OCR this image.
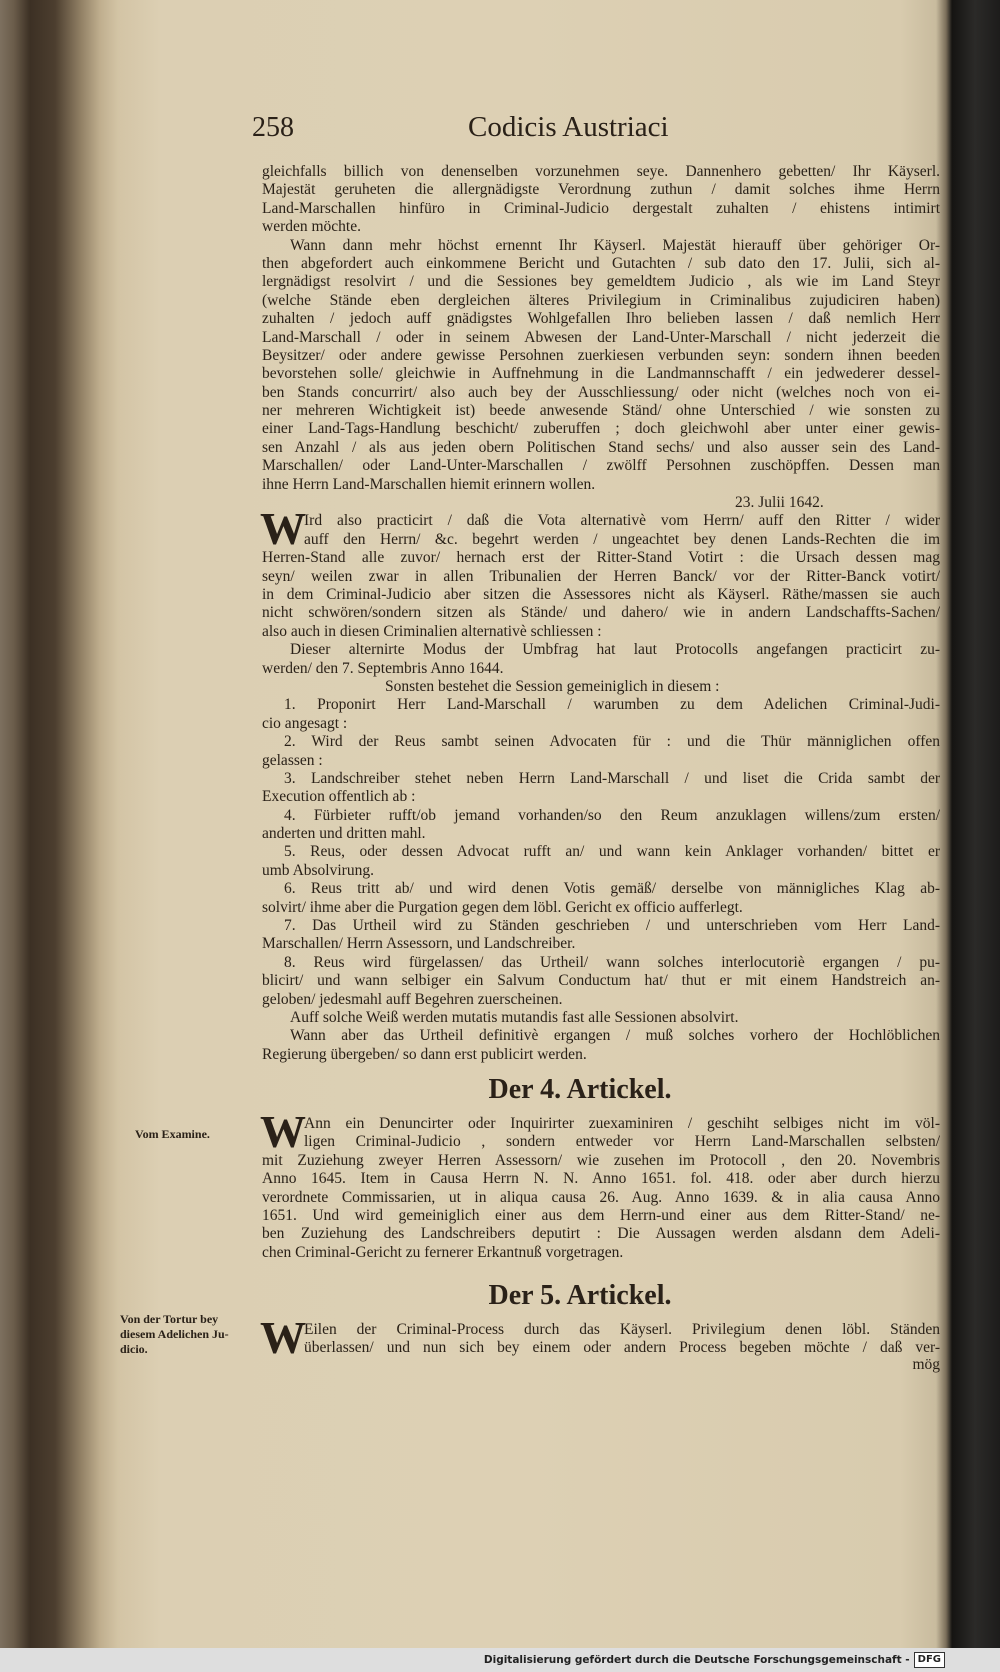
258	Codicis Austriaci
gleichfalls billich von denenselben vorzunehmen seye. Dannenhero gebetten/ Ihr Käyserl.
Majestät geruheten die allergnädigste Verordnung zuthun / damit solches ihme Herrn
Land-Marschallen hinfüro in Criminal-Judicio dergestalt zuhalten / ehistens intimirt
werden möchte.
Wann dann mehr höchst ernennt Ihr Käyserl. Majestät hierauff über gehöriger Or-
then abgefordert auch einkommene Bericht und Gutachten / sub dato den 17. Julii, sich al-
lergnädigst resolvirt / und die Sessiones bey gemeldtem Judicio , als wie im Land Steyr
(welche Stände eben dergleichen älteres Privilegium in Criminalibus zujudiciren haben)
zuhalten / jedoch auff gnädigstes Wohlgefallen Ihro belieben lassen / daß nemlich Herr
Land-Marschall / oder in seinem Abwesen der Land-Unter-Marschall / nicht jederzeit die
Beysitzer/ oder andere gewisse Persohnen zuerkiesen verbunden seyn: sondern ihnen beeden
bevorstehen solle/ gleichwie in Auffnehmung in die Landmannschafft / ein jedwederer dessel-
ben Stands concurrirt/ also auch bey der Ausschliessung/ oder nicht (welches noch von ei-
ner mehreren Wichtigkeit ist) beede anwesende Ständ/ ohne Unterschied / wie sonsten zu
einer Land-Tags-Handlung beschicht/ zuberuffen ; doch gleichwohl aber unter einer gewis-
sen Anzahl / als aus jeden obern Politischen Stand sechs/ und also ausser sein des Land-
Marschallen/ oder Land-Unter-Marschallen / zwölff Persohnen zuschöpffen. Dessen man
ihne Herrn Land-Marschallen hiemit erinnern wollen.
23. Julii 1642.
W
Ird also practicirt / daß die Vota alternativè vom Herrn/ auff den Ritter / wider
auff den Herrn/ &c. begehrt werden / ungeachtet bey denen Lands-Rechten die im
Herren-Stand alle zuvor/ hernach erst der Ritter-Stand Votirt : die Ursach dessen mag
seyn/ weilen zwar in allen Tribunalien der Herren Banck/ vor der Ritter-Banck votirt/
in dem Criminal-Judicio aber sitzen die Assessores nicht als Käyserl. Räthe/massen sie auch
nicht schwören/sondern sitzen als Stände/ und dahero/ wie in andern Landschaffts-Sachen/
also auch in diesen Criminalien alternativè schliessen :
Dieser alternirte Modus der Umbfrag hat laut Protocolls angefangen practicirt zu-
werden/ den 7. Septembris Anno 1644.
Sonsten bestehet die Session gemeiniglich in diesem :
1. Proponirt Herr Land-Marschall / warumben zu dem Adelichen Criminal-Judi-
cio angesagt :
2. Wird der Reus sambt seinen Advocaten für : und die Thür männiglichen offen
gelassen :
3. Landschreiber stehet neben Herrn Land-Marschall / und liset die Crida sambt der
Execution offentlich ab :
4. Fürbieter rufft/ob jemand vorhanden/so den Reum anzuklagen willens/zum ersten/
anderten und dritten mahl.
5. Reus, oder dessen Advocat rufft an/ und wann kein Anklager vorhanden/ bittet er
umb Absolvirung.
6. Reus tritt ab/ und wird denen Votis gemäß/ derselbe von männigliches Klag ab-
solvirt/ ihme aber die Purgation gegen dem löbl. Gericht ex officio aufferlegt.
7. Das Urtheil wird zu Ständen geschrieben / und unterschrieben vom Herr Land-
Marschallen/ Herrn Assessorn, und Landschreiber.
8. Reus wird fürgelassen/ das Urtheil/ wann solches interlocutoriè ergangen / pu-
blicirt/ und wann selbiger ein Salvum Conductum hat/ thut er mit einem Handstreich an-
geloben/ jedesmahl auff Begehren zuerscheinen.
Auff solche Weiß werden mutatis mutandis fast alle Sessionen absolvirt.
Wann aber das Urtheil definitivè ergangen / muß solches vorhero der Hochlöblichen
Regierung übergeben/ so dann erst publicirt werden.
Der 4. Artickel.
Vom Examine. W
Ann ein Denuncirter oder Inquirirter zuexaminiren / geschiht selbiges nicht im völ-
ligen Criminal-Judicio , sondern entweder vor Herrn Land-Marschallen selbsten/
mit Zuziehung zweyer Herren Assessorn/ wie zusehen im Protocoll , den 20. Novembris
Anno 1645. Item in Causa Herrn N. N. Anno 1651. fol. 418. oder aber durch hierzu
verordnete Commissarien, ut in aliqua causa 26. Aug. Anno 1639. & in alia causa Anno
1651. Und wird gemeiniglich einer aus dem Herrn-und einer aus dem Ritter-Stand/ ne-
ben Zuziehung des Landschreibers deputirt : Die Aussagen werden alsdann dem Adeli-
chen Criminal-Gericht zu fernerer Erkantnuß vorgetragen.
Der 5. Artickel.
Von der Tortur bey
diesem Adelichen Ju-
dicio.	W
Eilen der Criminal-Process durch das Käyserl. Privilegium denen löbl. Ständen
überlassen/ und nun sich bey einem oder andern Process begeben möchte / daß ver-
mög
Digitalisierung gefördert durch die Deutsche Forschungsgemeinschaft - DFG
